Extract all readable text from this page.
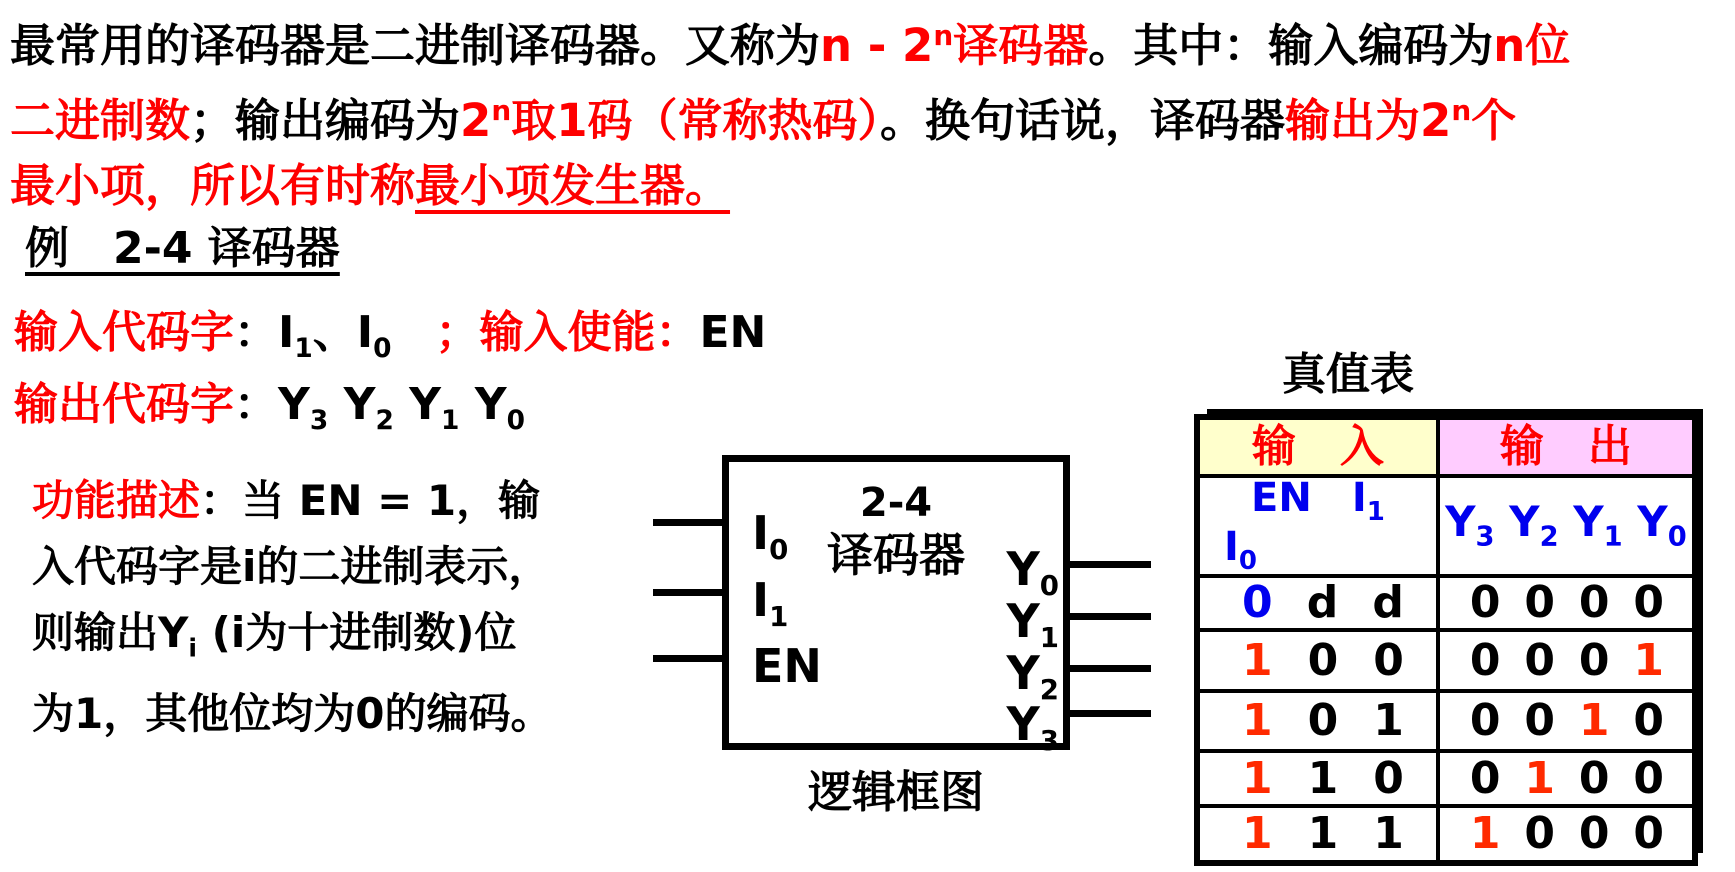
最常用的译码器是二进制译码器。又称为n - 2$^n$译码器。其中：输入编码为n位
二进制数；输出编码为2$^n$取1码（常称热码）。换句话说，译码器输出为2$^n$个
最小项，所以有时称最小项发生器。
例　2-4 译码器
输入代码字：$I_1$、$I_0$　；输入使能：EN
输出代码字：$Y_3$ $Y_2$ $Y_1$ $Y_0$
功能描述：当 EN = 1，输
入代码字是i的二进制表示，
则输出$Y_i$ (i为十进制数)位
为1，其他位均为0的编码。
2-4
译码器
$I_0$
$I_1$
EN
$Y_0$
$Y_1$
$Y_2$
$Y_3$
逻辑框图
真值表
输　入	输　出

EN　 $I_1$
$I_0$	$Y_3$ $Y_2$ $Y_1$ $Y_0$

0 d d	0 0 0 0

1 0 0	0 0 0 1

1 0 1	0 0 1 0

1 1 0	0 1 0 0

1 1 1	1 0 0 0
